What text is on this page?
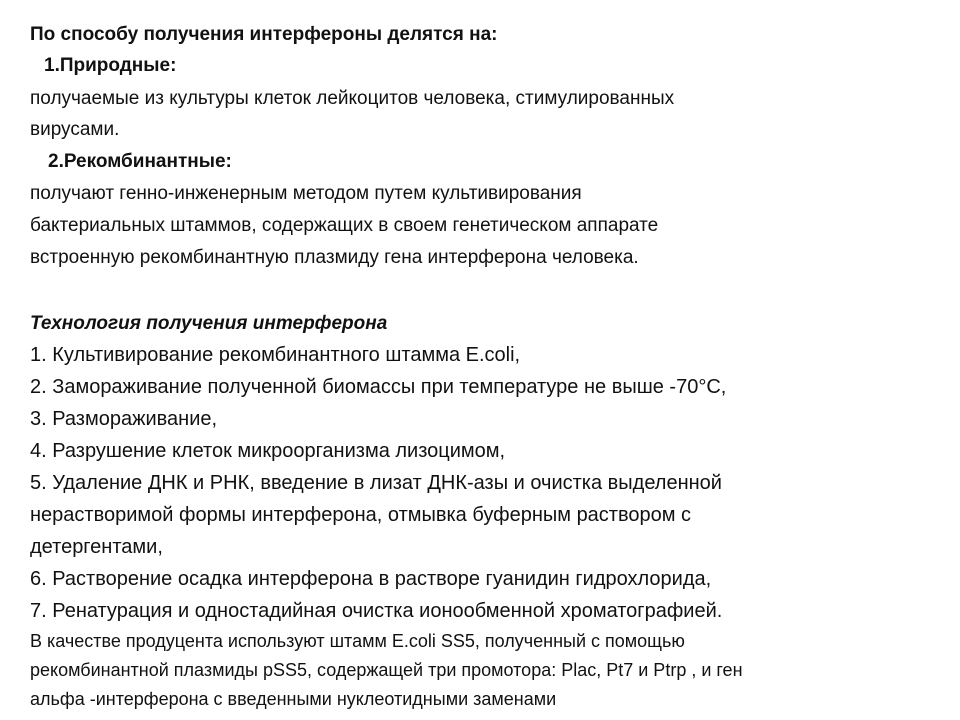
По способу получения интерфероны делятся на:
1.Природные:
получаемые из культуры клеток лейкоцитов человека, стимулированных
вирусами.
2.Рекомбинантные:
получают генно-инженерным методом путем культивирования
бактериальных штаммов, содержащих в своем генетическом аппарате
встроенную рекомбинантную плазмиду гена интерферона человека.
Технология получения интерферона
1. Культивирование рекомбинантного штамма E.coli,
2. Замораживание полученной биомассы при температуре не выше -70°С,
3. Размораживание,
4. Разрушение клеток микроорганизма лизоцимом,
5. Удаление ДНК и РНК, введение в лизат ДНК-азы и очистка выделенной
нерастворимой формы интерферона, отмывка буферным раствором с
детергентами,
6. Растворение осадка интерферона в растворе гуанидин гидрохлорида,
7. Ренатурация и одностадийная очистка ионообменной хроматографией.
В качестве продуцента используют штамм E.coli SS5, полученный с помощью
рекомбинантной плазмиды pSS5, содержащей три промотора: Plac, Pt7 и Ptrp , и ген
альфа -интерферона с введенными нуклеотидными заменами
